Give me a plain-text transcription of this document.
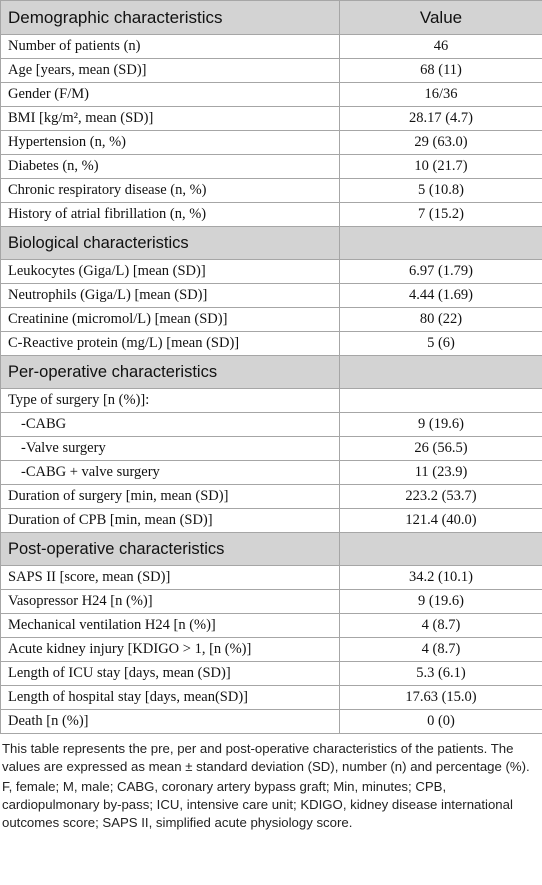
Demographic characteristics	Value
Number of patients (n)	46
Age [years, mean (SD)]	68 (11)
Gender (F/M)	16/36
BMI [kg/m², mean (SD)]	28.17 (4.7)
Hypertension (n, %)	29 (63.0)
Diabetes (n, %)	10 (21.7)
Chronic respiratory disease (n, %)	5 (10.8)
History of atrial fibrillation (n, %)	7 (15.2)
Biological characteristics	
Leukocytes (Giga/L) [mean (SD)]	6.97 (1.79)
Neutrophils (Giga/L) [mean (SD)]	4.44 (1.69)
Creatinine (micromol/L) [mean (SD)]	80 (22)
C-Reactive protein (mg/L) [mean (SD)]	5 (6)
Per-operative characteristics	
Type of surgery [n (%)]:	
-CABG	9 (19.6)
-Valve surgery	26 (56.5)
-CABG + valve surgery	11 (23.9)
Duration of surgery [min, mean (SD)]	223.2 (53.7)
Duration of CPB [min, mean (SD)]	121.4 (40.0)
Post-operative characteristics	
SAPS II [score, mean (SD)]	34.2 (10.1)
Vasopressor H24 [n (%)]	9 (19.6)
Mechanical ventilation H24 [n (%)]	4 (8.7)
Acute kidney injury [KDIGO > 1, [n (%)]	4 (8.7)
Length of ICU stay [days, mean (SD)]	5.3 (6.1)
Length of hospital stay [days, mean(SD)]	17.63 (15.0)
Death [n (%)]	0 (0)

This table represents the pre, per and post-operative characteristics of the patients. The values are expressed as mean ± standard deviation (SD), number (n) and percentage (%).

F, female; M, male; CABG, coronary artery bypass graft; Min, minutes; CPB, cardiopulmonary by-pass; ICU, intensive care unit; KDIGO, kidney disease international outcomes score; SAPS II, simplified acute physiology score.
